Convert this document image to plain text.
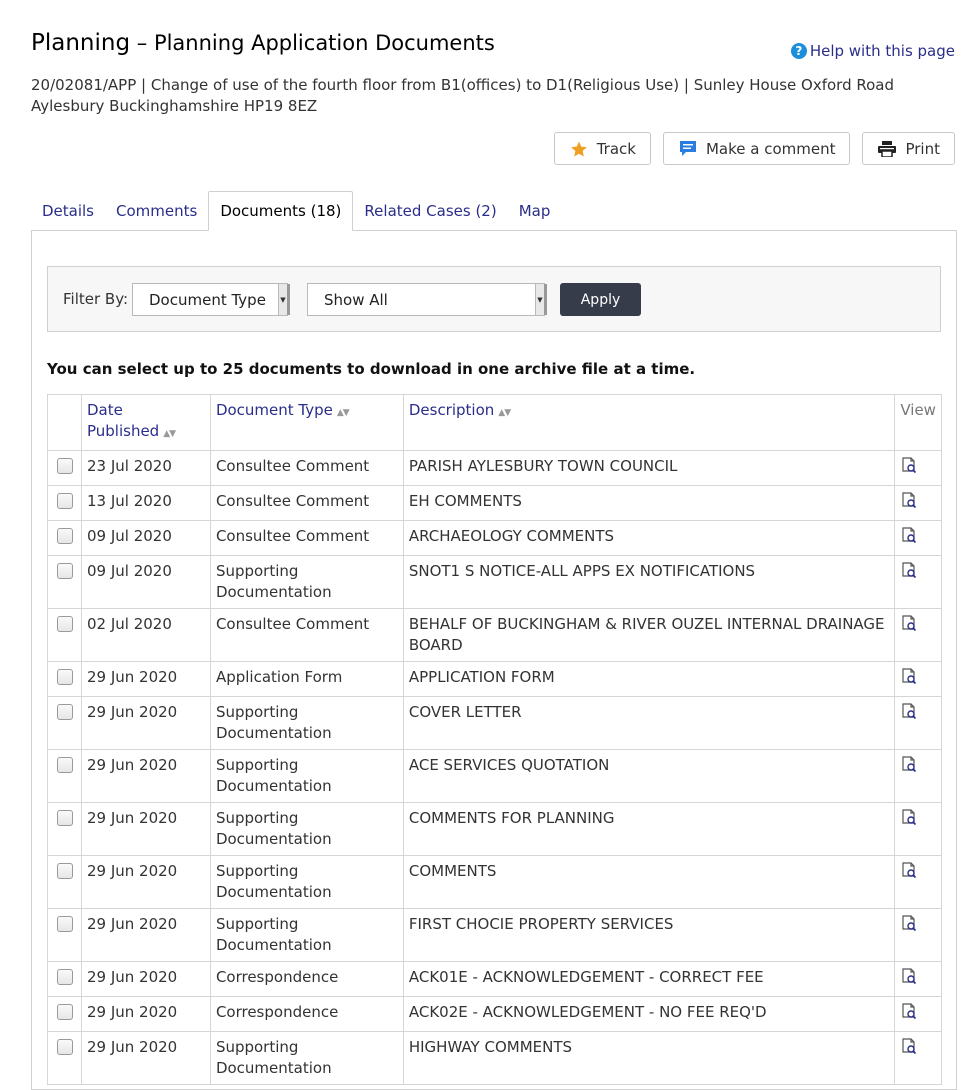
Planning – Planning Application Documents	? Help with this page
20/02081/APP | Change of use of the fourth floor from B1(offices) to D1(Religious Use) | Sunley House Oxford Road Aylesbury Buckinghamshire HP19 8EZ
Track	Make a comment	Print
Details	Comments	Documents (18)	Related Cases (2)	Map
Filter By: Document Type	▼	Show All	▼	Apply
You can select up to 25 documents to download in one archive file at a time.
	Date Published ▲▼	Document Type ▲▼	Description ▲▼	View
	23 Jul 2020	Consultee Comment	PARISH AYLESBURY TOWN COUNCIL	
	13 Jul 2020	Consultee Comment	EH COMMENTS	
	09 Jul 2020	Consultee Comment	ARCHAEOLOGY COMMENTS	
	09 Jul 2020	Supporting Documentation	SNOT1 S NOTICE-ALL APPS EX NOTIFICATIONS	
	02 Jul 2020	Consultee Comment	BEHALF OF BUCKINGHAM & RIVER OUZEL INTERNAL DRAINAGE BOARD	
	29 Jun 2020	Application Form	APPLICATION FORM	
	29 Jun 2020	Supporting Documentation	COVER LETTER	
	29 Jun 2020	Supporting Documentation	ACE SERVICES QUOTATION	
	29 Jun 2020	Supporting Documentation	COMMENTS FOR PLANNING	
	29 Jun 2020	Supporting Documentation	COMMENTS	
	29 Jun 2020	Supporting Documentation	FIRST CHOCIE PROPERTY SERVICES	
	29 Jun 2020	Correspondence	ACK01E - ACKNOWLEDGEMENT - CORRECT FEE	
	29 Jun 2020	Correspondence	ACK02E - ACKNOWLEDGEMENT - NO FEE REQ'D	
	29 Jun 2020	Supporting Documentation	HIGHWAY COMMENTS	
